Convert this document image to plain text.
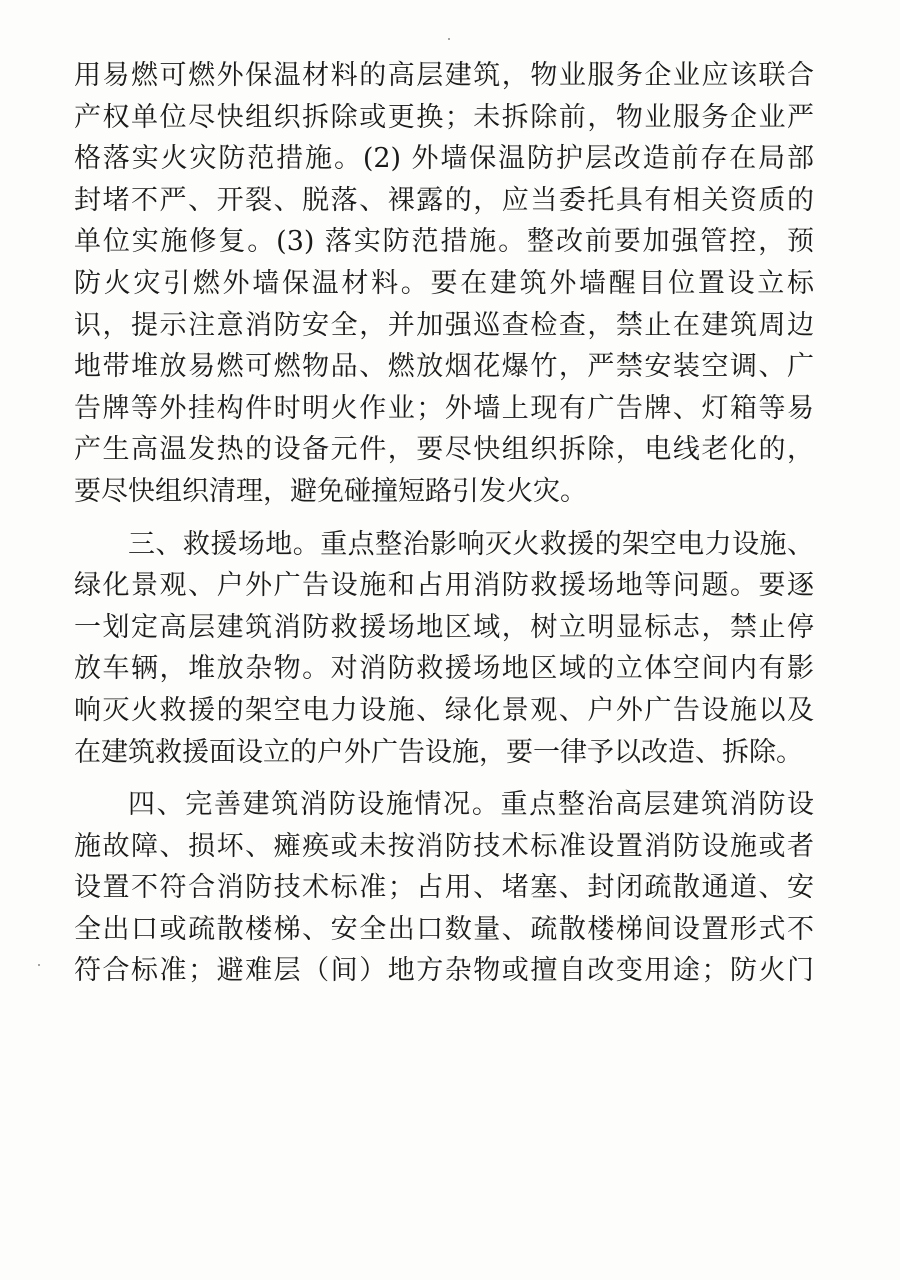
用易燃可燃外保温材料的高层建筑，物业服务企业应该联合
产权单位尽快组织拆除或更换；未拆除前，物业服务企业严
格落实火灾防范措施。(2) 外墙保温防护层改造前存在局部
封堵不严、开裂、脱落、裸露的，应当委托具有相关资质的
单位实施修复。(3) 落实防范措施。整改前要加强管控，预
防火灾引燃外墙保温材料。要在建筑外墙醒目位置设立标
识，提示注意消防安全，并加强巡查检查，禁止在建筑周边
地带堆放易燃可燃物品、燃放烟花爆竹，严禁安装空调、广
告牌等外挂构件时明火作业；外墙上现有广告牌、灯箱等易
产生高温发热的设备元件，要尽快组织拆除，电线老化的，
要尽快组织清理，避免碰撞短路引发火灾。
三、救援场地。重点整治影响灭火救援的架空电力设施、
绿化景观、户外广告设施和占用消防救援场地等问题。要逐
一划定高层建筑消防救援场地区域，树立明显标志，禁止停
放车辆，堆放杂物。对消防救援场地区域的立体空间内有影
响灭火救援的架空电力设施、绿化景观、户外广告设施以及
在建筑救援面设立的户外广告设施，要一律予以改造、拆除。
四、完善建筑消防设施情况。重点整治高层建筑消防设
施故障、损坏、瘫痪或未按消防技术标准设置消防设施或者
设置不符合消防技术标准；占用、堵塞、封闭疏散通道、安
全出口或疏散楼梯、安全出口数量、疏散楼梯间设置形式不
符合标准；避难层（间）地方杂物或擅自改变用途；防火门
